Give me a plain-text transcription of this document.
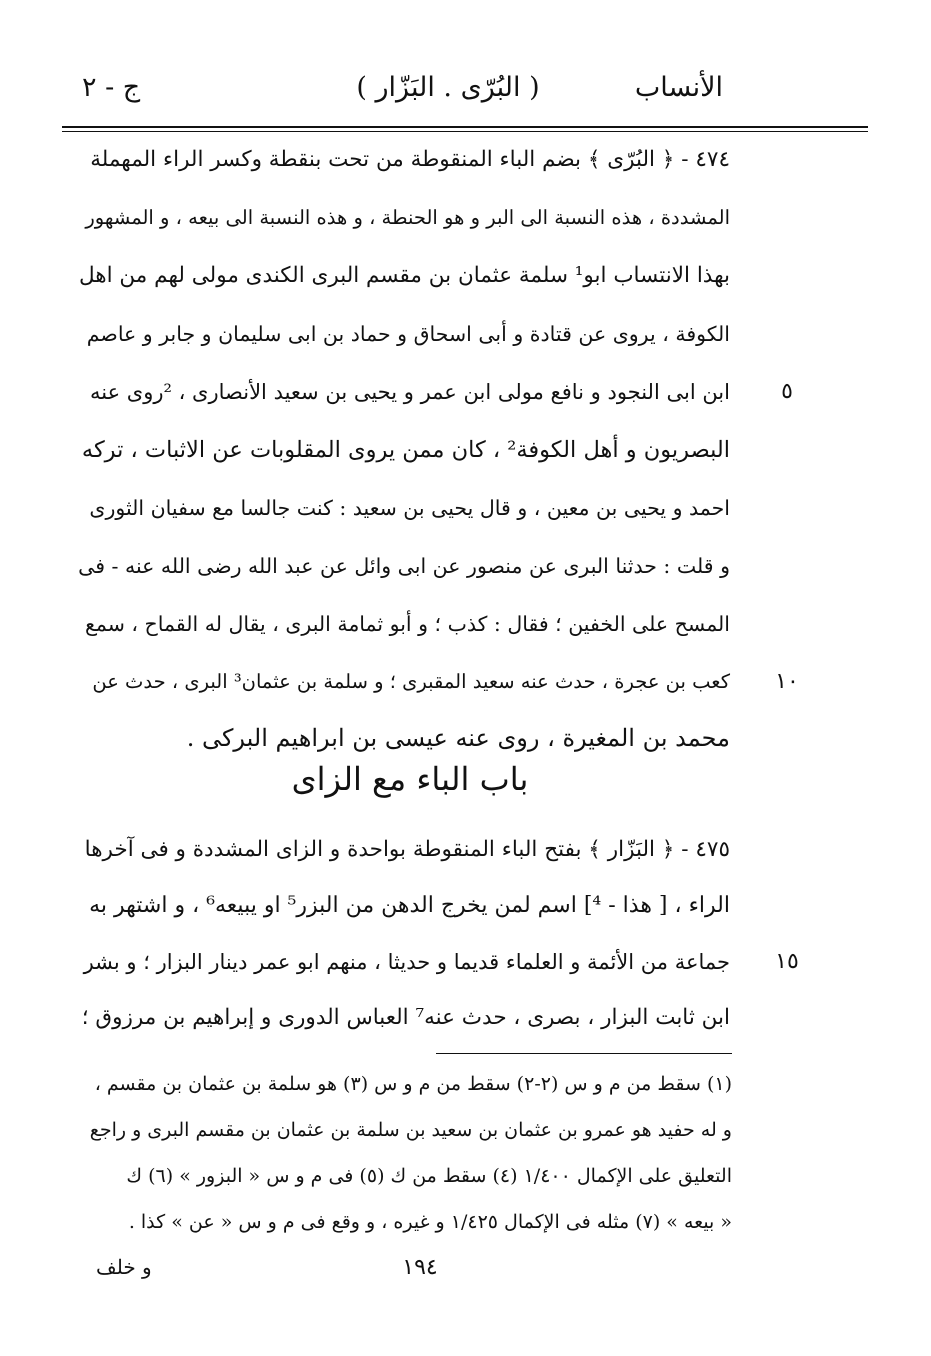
الأنساب
( البُرّى . البَزّار )
ج - ٢
٤٧٤ - ﴿ البُرّى ﴾ بضم الباء المنقوطة من تحت بنقطة وكسر الراء المهملة
المشددة ، هذه النسبة الى البر و هو الحنطة ، و هذه النسبة الى بيعه ، و المشهور
بهذا الانتساب ابو¹ سلمة عثمان بن مقسم البرى الكندى مولى لهم من اهل
الكوفة ، يروى عن قتادة و أبى اسحاق و حماد بن ابى سليمان و جابر و عاصم
ابن ابى النجود و نافع مولى ابن عمر و يحيى بن سعيد الأنصارى ، ²روى عنه
البصريون و أهل الكوفة² ، كان ممن يروى المقلوبات عن الاثبات ، تركه
احمد و يحيى بن معين ، و قال يحيى بن سعيد : كنت جالسا مع سفيان الثورى
و قلت : حدثنا البرى عن منصور عن ابى وائل عن عبد الله رضى الله عنه - فى
المسح على الخفين ؛ فقال : كذب ؛ و أبو ثمامة البرى ، يقال له القماح ، سمع
كعب بن عجرة ، حدث عنه سعيد المقبرى ؛ و سلمة بن عثمان³ البرى ، حدث عن
محمد بن المغيرة ، روى عنه عيسى بن ابراهيم البركى .
٤٧٥ - ﴿ البَزّار ﴾ بفتح الباء المنقوطة بواحدة و الزاى المشددة و فى آخرها
الراء ، [ هذا - ⁴] اسم لمن يخرج الدهن من البزر⁵ او يبيعه⁶ ، و اشتهر به
جماعة من الأئمة و العلماء قديما و حديثا ، منهم ابو عمر دينار البزار ؛ و بشر
ابن ثابت البزار ، بصرى ، حدث عنه⁷ العباس الدورى و إبراهيم بن مرزوق ؛
٥
١٠
١٥
باب الباء مع الزاى
(١) سقط من م و س (٢-٢) سقط من م و س (٣) هو سلمة بن عثمان بن مقسم ،
و له حفيد هو عمرو بن عثمان بن سعيد بن سلمة بن عثمان بن مقسم البرى و راجع
التعليق على الإكمال ١/٤٠٠ (٤) سقط من ك (٥) فى م و س « البزور » (٦) ك
« بيعه » (٧) مثله فى الإكمال ١/٤٢٥ و غيره ، و وقع فى م و س « عن » كذا .
١٩٤
و خلف
